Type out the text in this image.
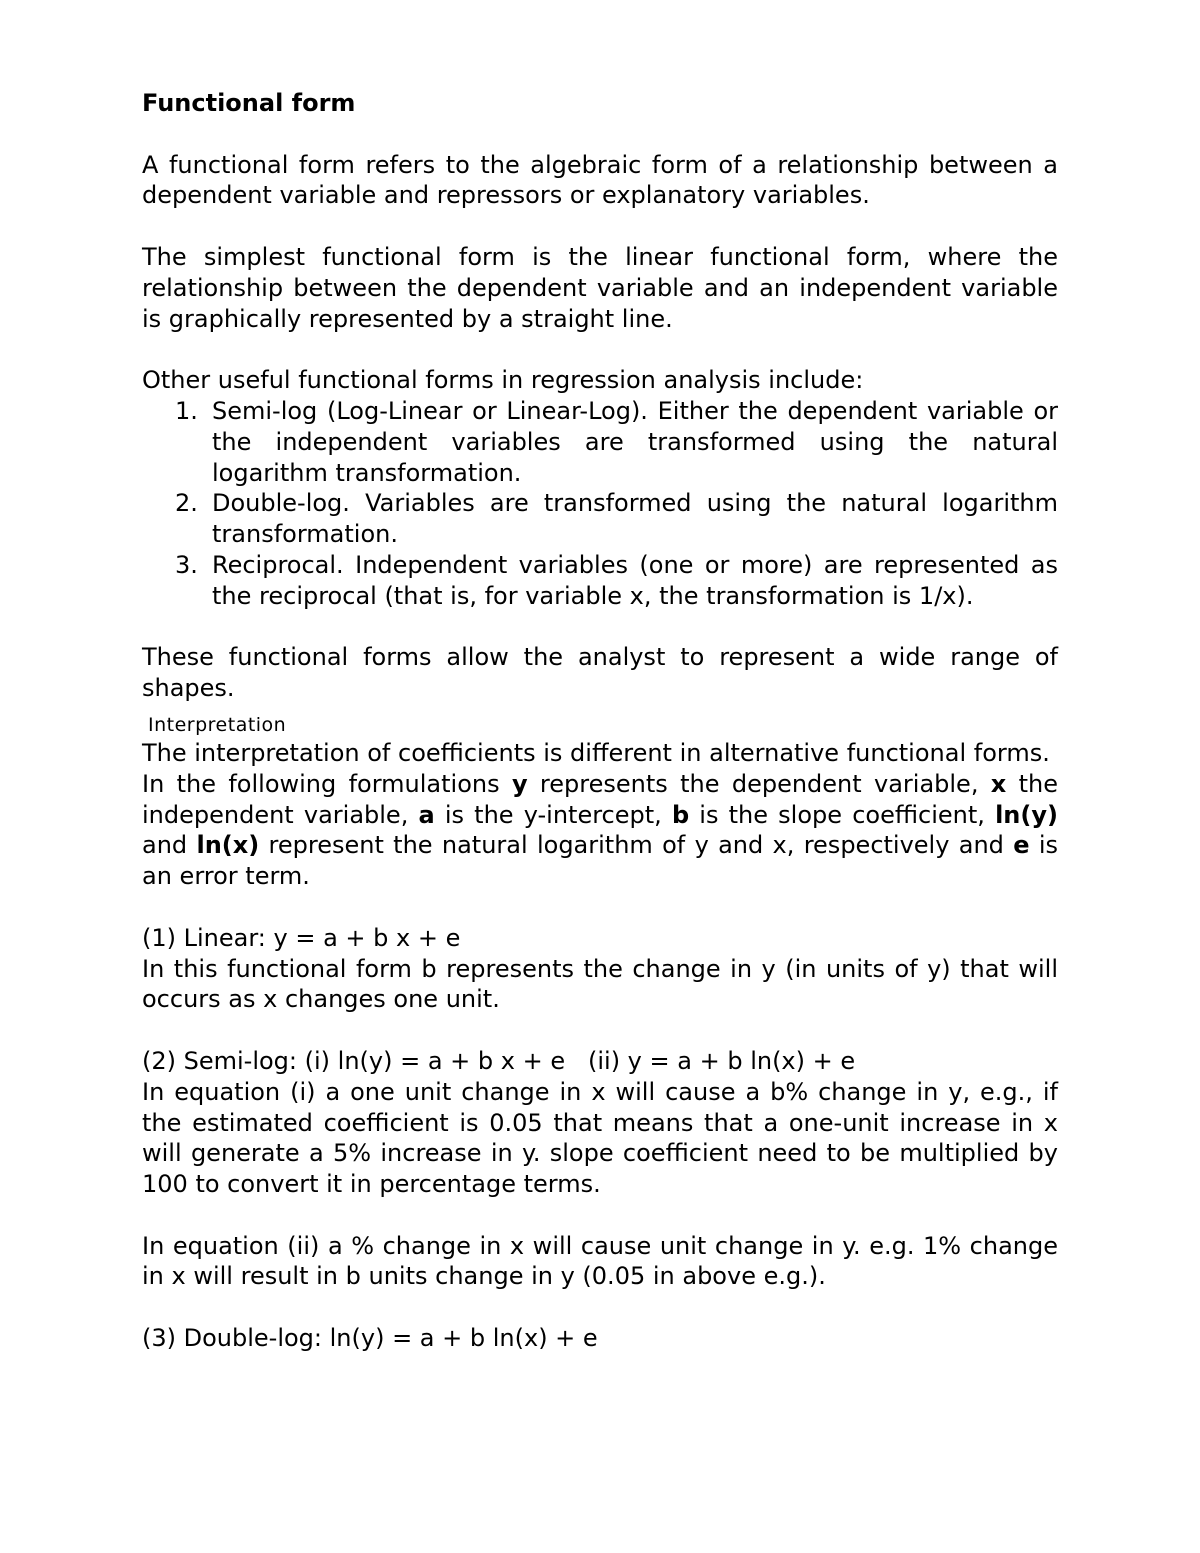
Functional form

A functional form refers to the algebraic form of a relationship between a dependent variable and repressors or explanatory variables.

The simplest functional form is the linear functional form, where the relationship between the dependent variable and an independent variable is graphically represented by a straight line.

Other useful functional forms in regression analysis include:

1. Semi-log (Log-Linear or Linear-Log). Either the dependent variable or the independent variables are transformed using the natural logarithm transformation.
2. Double-log. Variables are transformed using the natural logarithm transformation.
3. Reciprocal. Independent variables (one or more) are represented as the reciprocal (that is, for variable x, the transformation is 1/x).

These functional forms allow the analyst to represent a wide range of shapes.

Interpretation

The interpretation of coefficients is different in alternative functional forms.

In the following formulations y represents the dependent variable, x the independent variable, a is the y-intercept, b is the slope coefficient, ln(y) and ln(x) represent the natural logarithm of y and x, respectively and e is an error term.

(1) Linear: y = a + b x + e

In this functional form b represents the change in y (in units of y) that will occurs as x changes one unit.

(2) Semi-log: (i) ln(y) = a + b x + e   (ii) y = a + b ln(x) + e

In equation (i) a one unit change in x will cause a b% change in y, e.g., if the estimated coefficient is 0.05 that means that a one-unit increase in x will generate a 5% increase in y. slope coefficient need to be multiplied by 100 to convert it in percentage terms.

In equation (ii) a % change in x will cause unit change in y. e.g. 1% change in x will result in b units change in y (0.05 in above e.g.).

(3) Double-log: ln(y) = a + b ln(x) + e
